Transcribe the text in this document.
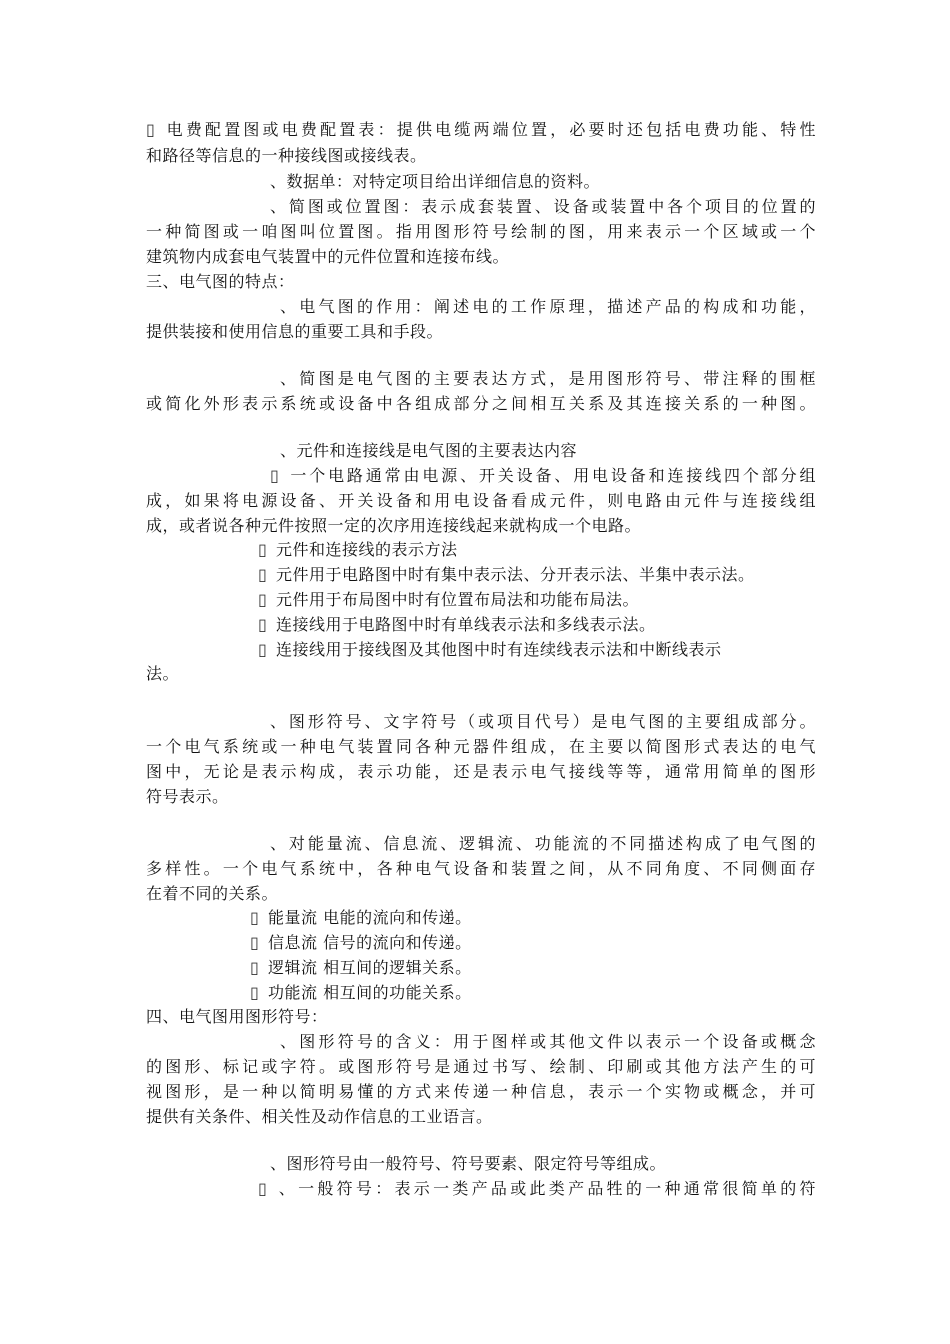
▯ 电费配置图或电费配置表：提供电缆两端位置，必要时还包括电费功能、特性
和路径等信息的一种接线图或接线表。
、数据单：对特定项目给出详细信息的资料。
、简图或位置图：表示成套装置、设备或装置中各个项目的位置的
一种简图或一咱图叫位置图。指用图形符号绘制的图，用来表示一个区域或一个
建筑物内成套电气装置中的元件位置和连接布线。
三、电气图的特点：
、电气图的作用：阐述电的工作原理，描述产品的构成和功能，
提供装接和使用信息的重要工具和手段。
、简图是电气图的主要表达方式，是用图形符号、带注释的围框
或简化外形表示系统或设备中各组成部分之间相互关系及其连接关系的一种图。
、元件和连接线是电气图的主要表达内容
▯ 一个电路通常由电源、开关设备、用电设备和连接线四个部分组
成，如果将电源设备、开关设备和用电设备看成元件，则电路由元件与连接线组
成，或者说各种元件按照一定的次序用连接线起来就构成一个电路。
▯ 元件和连接线的表示方法
▯ 元件用于电路图中时有集中表示法、分开表示法、半集中表示法。
▯ 元件用于布局图中时有位置布局法和功能布局法。
▯ 连接线用于电路图中时有单线表示法和多线表示法。
▯ 连接线用于接线图及其他图中时有连续线表示法和中断线表示
法。
、图形符号、文字符号（或项目代号）是电气图的主要组成部分。
一个电气系统或一种电气装置同各种元器件组成，在主要以简图形式表达的电气
图中，无论是表示构成，表示功能，还是表示电气接线等等，通常用简单的图形
符号表示。
、对能量流、信息流、逻辑流、功能流的不同描述构成了电气图的
多样性。一个电气系统中，各种电气设备和装置之间，从不同角度、不同侧面存
在着不同的关系。
▯ 能量流 电能的流向和传递。
▯ 信息流 信号的流向和传递。
▯ 逻辑流 相互间的逻辑关系。
▯ 功能流 相互间的功能关系。
四、电气图用图形符号：
、图形符号的含义：用于图样或其他文件以表示一个设备或概念
的图形、标记或字符。或图形符号是通过书写、绘制、印刷或其他方法产生的可
视图形，是一种以简明易懂的方式来传递一种信息，表示一个实物或概念，并可
提供有关条件、相关性及动作信息的工业语言。
、图形符号由一般符号、符号要素、限定符号等组成。
▯ 、一般符号：表示一类产品或此类产品牲的一种通常很简单的符
